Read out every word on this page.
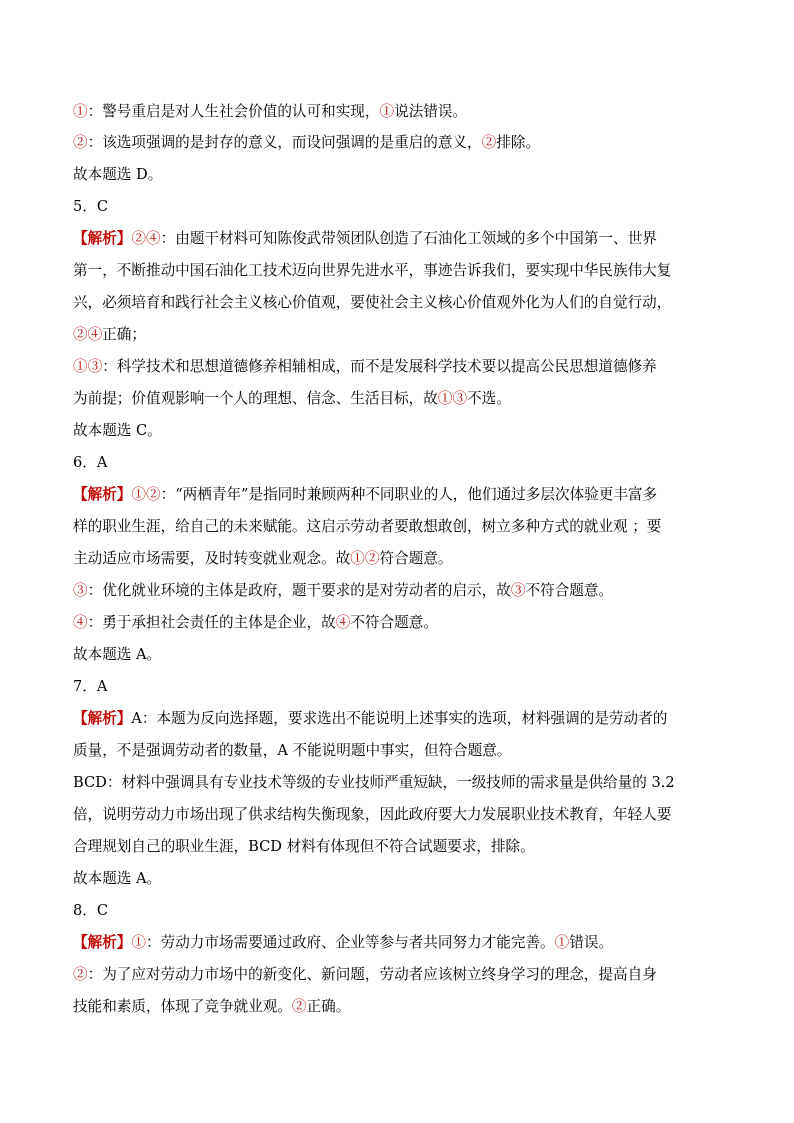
①：警号重启是对人生社会价值的认可和实现，①说法错误。
②：该选项强调的是封存的意义，而设问强调的是重启的意义，②排除。
故本题选 D。
5．C
【解析】②④：由题干材料可知陈俊武带领团队创造了石油化工领域的多个中国第一、世界
第一，不断推动中国石油化工技术迈向世界先进水平，事迹告诉我们，要实现中华民族伟大复
兴，必须培育和践行社会主义核心价值观，要使社会主义核心价值观外化为人们的自觉行动，
②④正确；
①③：科学技术和思想道德修养相辅相成，而不是发展科学技术要以提高公民思想道德修养
为前提；价值观影响一个人的理想、信念、生活目标，故①③不选。
故本题选 C。
6．A
【解析】①②：“两栖青年”是指同时兼顾两种不同职业的人，他们通过多层次体验更丰富多
样的职业生涯，给自己的未来赋能。这启示劳动者要敢想敢创，树立多种方式的就业观 ；要
主动适应市场需要，及时转变就业观念。故①②符合题意。
③：优化就业环境的主体是政府，题干要求的是对劳动者的启示，故③不符合题意。
④：勇于承担社会责任的主体是企业，故④不符合题意。
故本题选 A。
7．A
【解析】A：本题为反向选择题，要求选出不能说明上述事实的选项，材料强调的是劳动者的
质量，不是强调劳动者的数量，A 不能说明题中事实，但符合题意。
BCD：材料中强调具有专业技术等级的专业技师严重短缺，一级技师的需求量是供给量的 3.2
倍，说明劳动力市场出现了供求结构失衡现象，因此政府要大力发展职业技术教育，年轻人要
合理规划自己的职业生涯，BCD 材料有体现但不符合试题要求，排除。
故本题选 A。
8．C
【解析】①：劳动力市场需要通过政府、企业等参与者共同努力才能完善。①错误。
②：为了应对劳动力市场中的新变化、新问题，劳动者应该树立终身学习的理念，提高自身
技能和素质，体现了竞争就业观。②正确。
